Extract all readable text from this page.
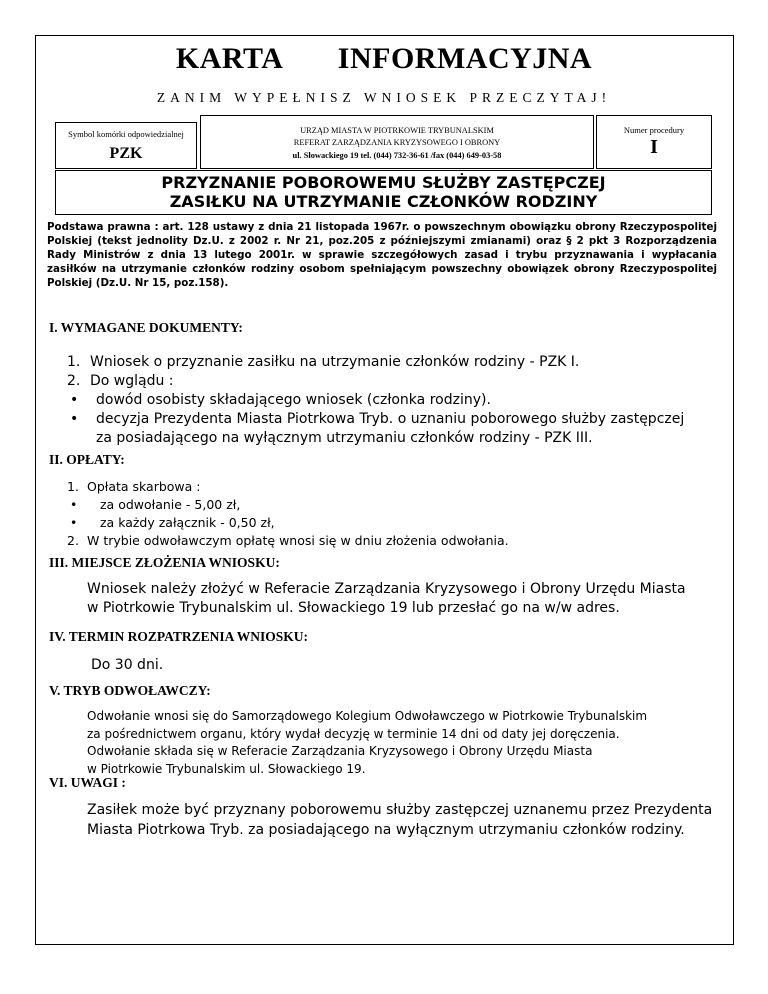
KARTA INFORMACYJNA
ZANIM WYPEŁNISZ WNIOSEK PRZECZYTAJ!
Symbol komórki odpowiedzialnej
PZK
URZĄD MIASTA W PIOTRKOWIE TRYBUNALSKIM
REFERAT ZARZĄDZANIA KRYZYSOWEGO I OBRONY
ul. Słowackiego 19 tel. (044) 732-36-61 /fax (044) 649-03-58
Numer procedury
I
PRZYZNANIE POBOROWEMU SŁUŻBY ZASTĘPCZEJ
ZASIŁKU NA UTRZYMANIE CZŁONKÓW RODZINY
Podstawa prawna : art. 128 ustawy z dnia 21 listopada 1967r. o powszechnym obowiązku obrony Rzeczypospolitej Polskiej (tekst jednolity Dz.U. z 2002 r. Nr 21, poz.205 z późniejszymi zmianami) oraz § 2 pkt 3 Rozporządzenia Rady Ministrów z dnia 13 lutego 2001r. w sprawie szczegółowych zasad i trybu przyznawania i wypłacania zasiłków na utrzymanie członków rodziny osobom spełniającym powszechny obowiązek obrony Rzeczypospolitej Polskiej (Dz.U. Nr 15, poz.158).
I. WYMAGANE DOKUMENTY:
1. Wniosek o przyznanie zasiłku na utrzymanie członków rodziny - PZK I.
2. Do wglądu :
• dowód osobisty składającego wniosek (członka rodziny).
• decyzja Prezydenta Miasta Piotrkowa Tryb. o uznaniu poborowego służby zastępczej
za posiadającego na wyłącznym utrzymaniu członków rodziny - PZK III.
II. OPŁATY:
1. Opłata skarbowa :
• za odwołanie - 5,00 zł,
• za każdy załącznik - 0,50 zł,
2. W trybie odwoławczym opłatę wnosi się w dniu złożenia odwołania.
III. MIEJSCE ZŁOŻENIA WNIOSKU:
Wniosek należy złożyć w Referacie Zarządzania Kryzysowego i Obrony Urzędu Miasta
w Piotrkowie Trybunalskim ul. Słowackiego 19 lub przesłać go na w/w adres.
IV. TERMIN ROZPATRZENIA WNIOSKU:
Do 30 dni.
V. TRYB ODWOŁAWCZY:
Odwołanie wnosi się do Samorządowego Kolegium Odwoławczego w Piotrkowie Trybunalskim
za pośrednictwem organu, który wydał decyzję w terminie 14 dni od daty jej doręczenia.
Odwołanie składa się w Referacie Zarządzania Kryzysowego i Obrony Urzędu Miasta
w Piotrkowie Trybunalskim ul. Słowackiego 19.
VI. UWAGI :
Zasiłek może być przyznany poborowemu służby zastępczej uznanemu przez Prezydenta
Miasta Piotrkowa Tryb. za posiadającego na wyłącznym utrzymaniu członków rodziny.
